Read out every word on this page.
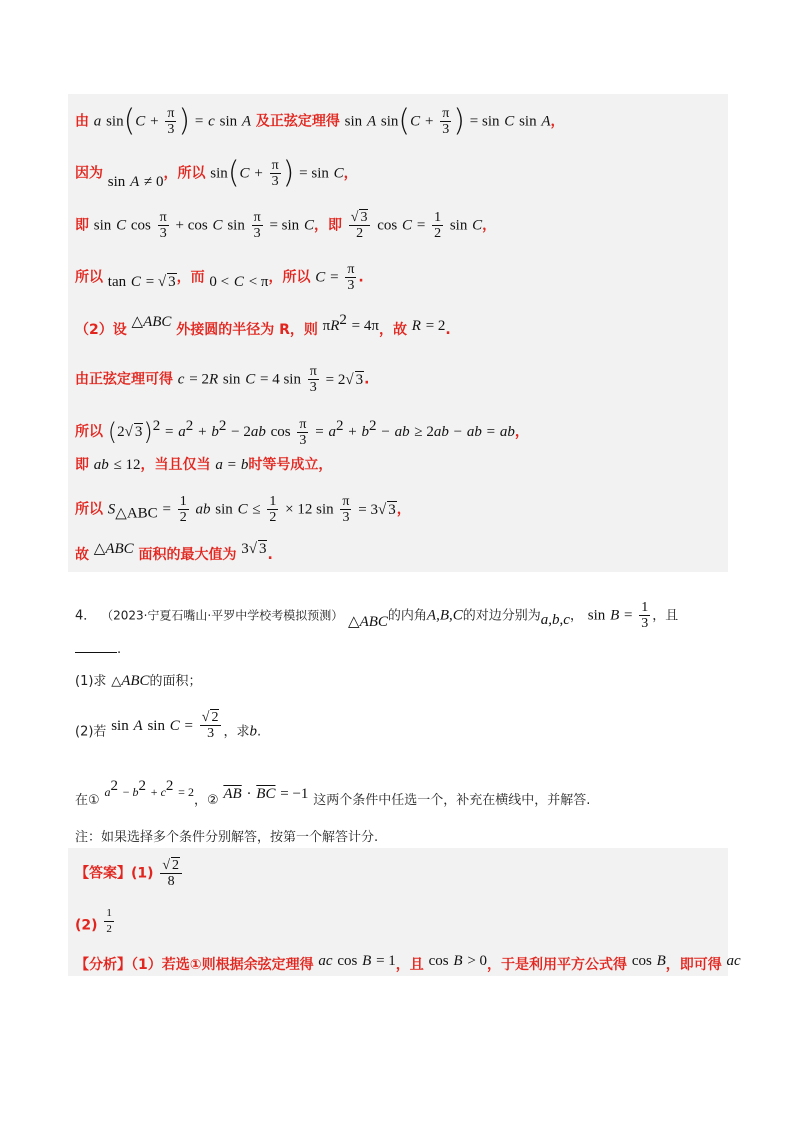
由 a $\sin(C + \frac{\pi}{3}$ ) = c sin A 及正弦定理得 sin A $\sin(C + \frac{\pi}{3}$ ) = sin C sin A，
因为 sin A ≠ 0，所以 $\sin(C + \frac{\pi}{3}$ ) = sin C，
即 sin C $\cos \frac{\pi}{3} + \cos C$ $\sin \frac{\pi}{3} = \sin C$，即 $\frac{√ 3}{2}$ $\cos C = \frac{1}{2}$ sin C，
所以 tan C = √ 3，而 0 < C < π，所以 $C = \frac{\pi}{3}$ .
（2）设 △ABC 外接圆的半径为 R，则 $\pi R^2 = 4\pi$，故 R = 2.
由正弦定理可得 c = 2R sin C = 4 $\sin \frac{\pi}{3} = 2√$ 3.
所以 (2√ $3)^2 = a^2 + b^2 - 2ab$ $\cos \frac{\pi}{3} = a^2 + b^2$ − ab ≥ 2ab − ab = ab，
即 ab ≤ 12，当且仅当 a = b时等号成立，
所以 $S_{\triangle ABC} = \frac{1}{2}$ ab $\sin C \le \frac{1}{2} \times 12$ $\sin \frac{\pi}{3} = 3√$ 3，
故 △ABC 面积的最大值为 3√ 3.
4． （2023·宁夏石嘴山·平罗中学校考模拟预测） △ABC的内角A,B,C的对边分别为a,b,c， $\sin B = \frac{1}{3}$ ，且
.
(1)求 △ABC的面积；
(2)若 sin A $\sin C = \frac{√ 2}{3}$ ，求b.
在① $^{a2}$ − $^{b2}$ + $^{c2}$ $^{= 2}$，② $\overline{AB} \cdot \overline{BC} = -1$ 这两个条件中任选一个，补充在横线中，并解答.
注：如果选择多个条件分别解答，按第一个解答计分.
【答案】$(1) \frac{√ 2}{8}$
$(2) \frac{1}{2}$
【分析】（1）若选①则根据余弦定理得 ac cos B = 1，且 cos B > 0，于是利用平方公式得 cos B，即可得 ac
